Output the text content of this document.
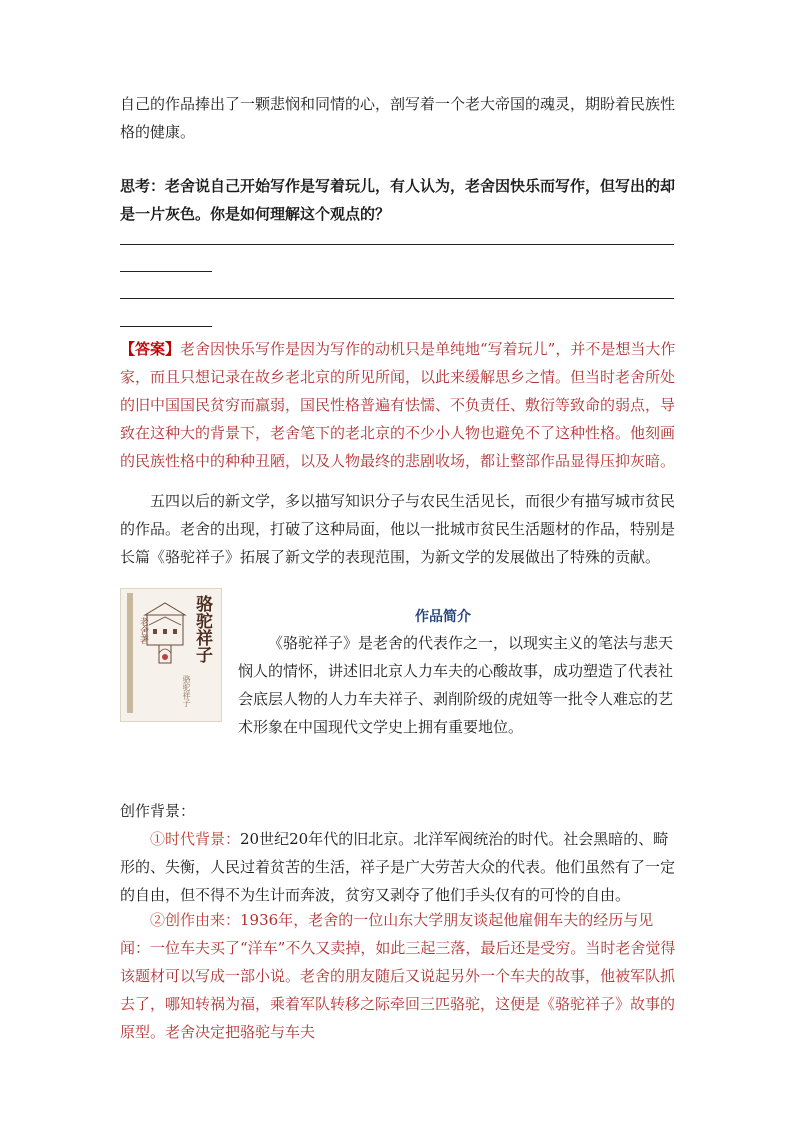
自己的作品捧出了一颗悲悯和同情的心，剖写着一个老大帝国的魂灵，期盼着民族性格的健康。
思考：老舍说自己开始写作是写着玩儿，有人认为，老舍因快乐而写作，但写出的却是一片灰色。你是如何理解这个观点的？
【答案】老舍因快乐写作是因为写作的动机只是单纯地“写着玩儿”，并不是想当大作家，而且只想记录在故乡老北京的所见所闻，以此来缓解思乡之情。但当时老舍所处的旧中国国民贫穷而羸弱，国民性格普遍有怯懦、不负责任、敷衍等致命的弱点，导致在这种大的背景下，老舍笔下的老北京的不少小人物也避免不了这种性格。他刻画的民族性格中的种种丑陋，以及人物最终的悲剧收场，都让整部作品显得压抑灰暗。
五四以后的新文学，多以描写知识分子与农民生活见长，而很少有描写城市贫民的作品。老舍的出现，打破了这种局面，他以一批城市贫民生活题材的作品，特别是长篇《骆驼祥子》拓展了新文学的表现范围，为新文学的发展做出了特殊的贡献。
老舍著	骆驼祥子
骆驼祥子
作品简介
《骆驼祥子》是老舍的代表作之一，以现实主义的笔法与悲天悯人的情怀，讲述旧北京人力车夫的心酸故事，成功塑造了代表社会底层人物的人力车夫祥子、剥削阶级的虎妞等一批令人难忘的艺术形象在中国现代文学史上拥有重要地位。
创作背景：
①时代背景：20世纪20年代的旧北京。北洋军阀统治的时代。社会黑暗的、畸形的、失衡，人民过着贫苦的生活，祥子是广大劳苦大众的代表。他们虽然有了一定的自由，但不得不为生计而奔波，贫穷又剥夺了他们手头仅有的可怜的自由。
②创作由来：1936年，老舍的一位山东大学朋友谈起他雇佣车夫的经历与见闻：一位车夫买了“洋车”不久又卖掉，如此三起三落，最后还是受穷。当时老舍觉得该题材可以写成一部小说。老舍的朋友随后又说起另外一个车夫的故事，他被军队抓去了，哪知转祸为福，乘着军队转移之际牵回三匹骆驼，这便是《骆驼祥子》故事的原型。老舍决定把骆驼与车夫
